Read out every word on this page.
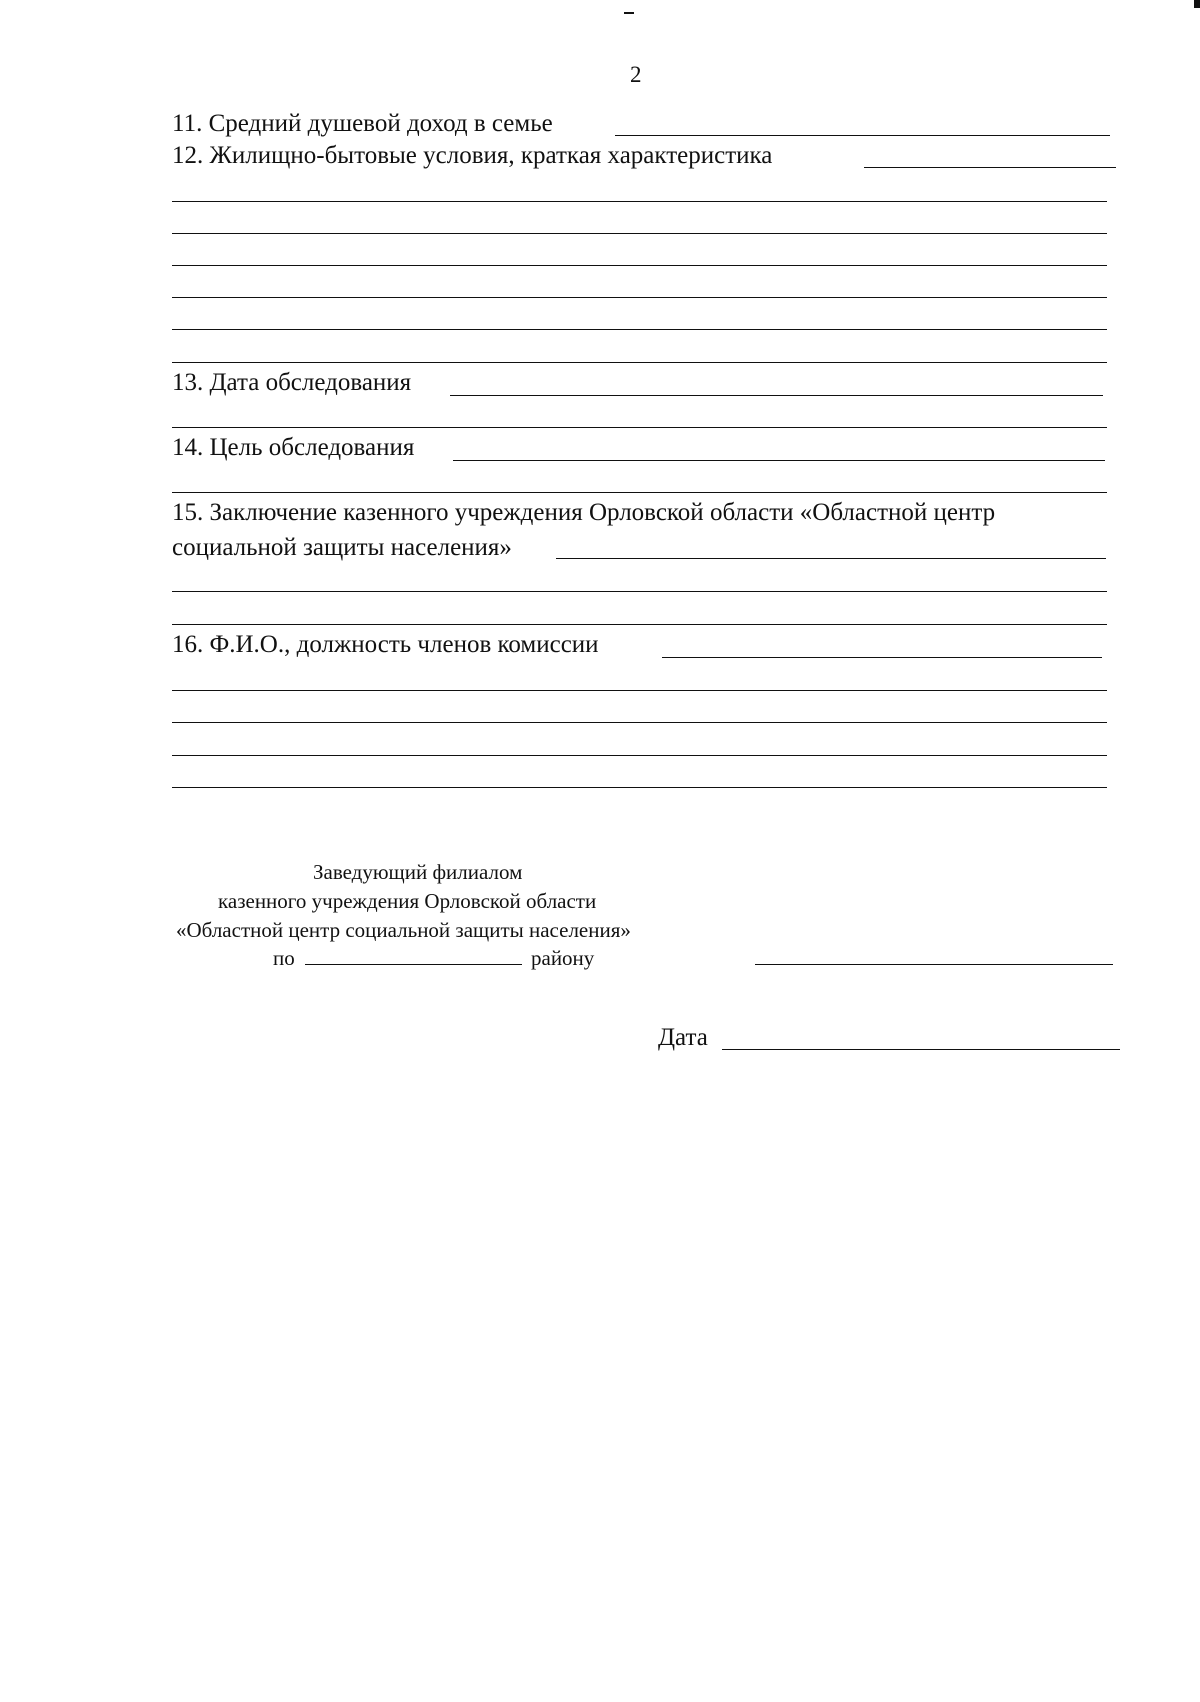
2
11. Средний душевой доход в семье
12. Жилищно-бытовые условия, краткая характеристика
13. Дата обследования
14. Цель обследования
15. Заключение казенного учреждения Орловской области «Областной центр
социальной защиты населения»
16. Ф.И.О., должность членов комиссии
Заведующий филиалом
казенного учреждения Орловской области
«Областной центр социальной защиты населения»
по	району
Дата
